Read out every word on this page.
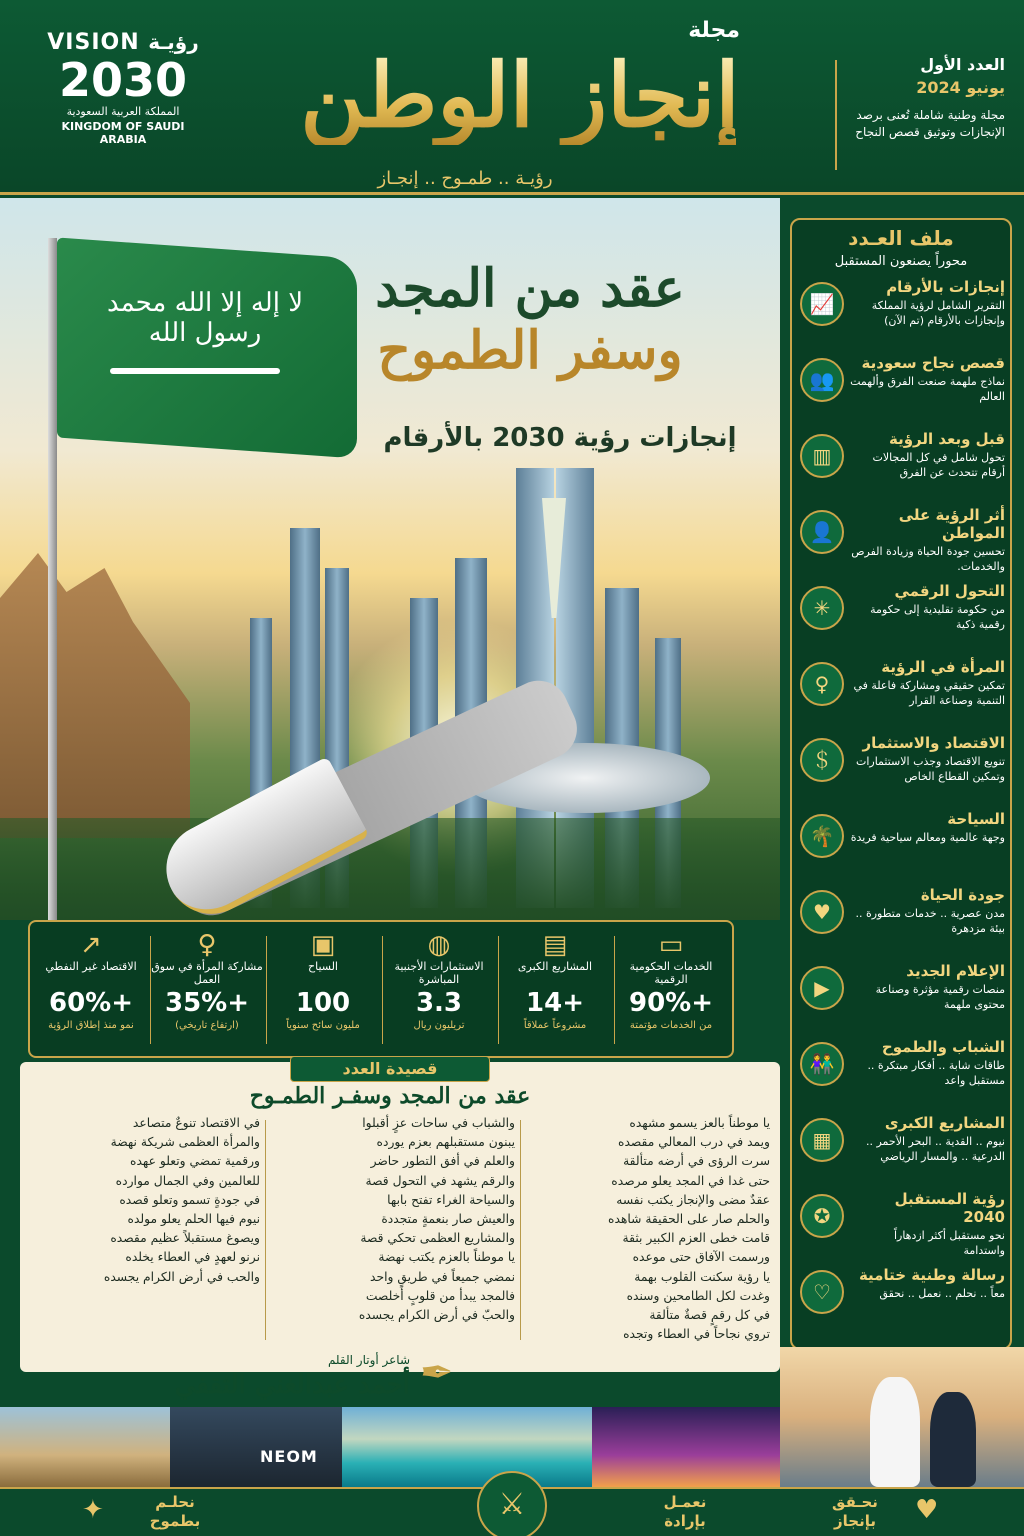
VISION رؤيـة
2030
المملكة العربية السعودية
KINGDOM OF SAUDI ARABIA
مجلة
إنجاز الوطن
رؤيـة .. طمـوح .. إنجـاز
العدد الأول
يونيو 2024
مجلة وطنية شاملة تُعنى برصد الإنجازات وتوثيق قصص النجاح
لا إله إلا الله محمد رسول الله
عقد من المجد
وسفر الطموح
إنجازات رؤية 2030 بالأرقام
ملف العـدد
محوراً يصنعون المستقبل
📈
إنجازات بالأرقام
التقرير الشامل لرؤية المملكة وإنجازات بالأرقام (تم الآن)
👥
قصص نجاح سعودية
نماذج ملهمة صنعت الفرق وألهمت العالم
▥
قبل وبعد الرؤية
تحول شامل في كل المجالات أرقام تتحدث عن الفرق
👤
أثر الرؤية على المواطن
تحسين جودة الحياة وزيادة الفرص والخدمات.
✳
التحول الرقمي
من حكومة تقليدية إلى حكومة رقمية ذكية
♀
المرأة في الرؤية
تمكين حقيقي ومشاركة فاعلة في التنمية وصناعة القرار
＄
الاقتصاد والاستثمار
تنويع الاقتصاد وجذب الاستثمارات وتمكين القطاع الخاص
🌴
السياحة
وجهة عالمية ومعالم سياحية فريدة
♥
جودة الحياة
مدن عصرية .. خدمات متطورة .. بيئة مزدهرة
▶
الإعلام الجديد
منصات رقمية مؤثرة وصناعة محتوى ملهمة
👫
الشباب والطموح
طاقات شابة .. أفكار مبتكرة .. مستقبل واعد
▦
المشاريع الكبرى
نيوم .. القدية .. البحر الأحمر .. الدرعية .. والمسار الرياضي
✪
رؤية المستقبل 2040
نحو مستقبل أكثر ازدهاراً واستدامة
♡
رسالة وطنية ختامية
معاً .. نحلم .. نعمل .. نحقق
▭
الخدمات الحكومية الرقمية
+90%
من الخدمات مؤتمتة
▤
المشاريع الكبرى
+14
مشروعاً عملاقاً
◍
الاستثمارات الأجنبية المباشرة
3.3
تريليون ريال
▣
السياح
100
مليون سائح سنوياً
♀
مشاركة المرأة في سوق العمل
+35%
(ارتفاع تاريخي)
↗
الاقتصاد غير النفطي
+60%
نمو منذ إطلاق الرؤية
قصيدة العدد
عقد من المجد وسفـر الطمـوح
يا موطناً بالعز يسمو مشهده
ويمد في درب المعالي مقصده
سرت الرؤى في أرضه متألقة
حتى غدا في المجد يعلو مرصده
عقدٌ مضى والإنجاز يكتب نفسه
والحلم صار على الحقيقة شاهده
قامت خطى العزم الكبير بثقة
ورسمت الآفاق حتى موعده
يا رؤية سكنت القلوب بهمة
وغدت لكل الطامحين وسنده
في كل رقمٍ قصةٌ متألقة
تروي نجاحاً في العطاء وتجده
والشباب في ساحات عزٍ أقبلوا
يبنون مستقبلهم بعزم يورده
والعلم في أفق التطور حاضر
والرقم يشهد في التحول قصة
والسياحة الغراء تفتح بابها
والعيش صار بنعمةٍ متجددة
والمشاريع العظمى تحكي قصة
يا موطناً بالعزم يكتب نهضة
نمضي جميعاً في طريقٍ واحد
فالمجد يبدأ من قلوبٍ أخلصت
والحبّ في أرض الكرام يجسده
في الاقتصاد تنوعٌ متصاعد
والمرأة العظمى شريكة نهضة
ورقمية تمضي وتعلو عهده
للعالمين وفي الجمال موارده
في جودةٍ تسمو وتعلو قصده
نيوم فيها الحلم يعلو مولده
ويصوغ مستقبلاً عظيم مقصده
نرنو لعهدٍ في العطاء يخلده
والحب في أرض الكرام يجسده
شاعر أوتار القلم
أحمد عبدالغني الثقفي ✒
NEOM
✦	نحلـم
بطموح
نعمـل
بإرادة
نحـقق
بإنجاز	♥
⚔
